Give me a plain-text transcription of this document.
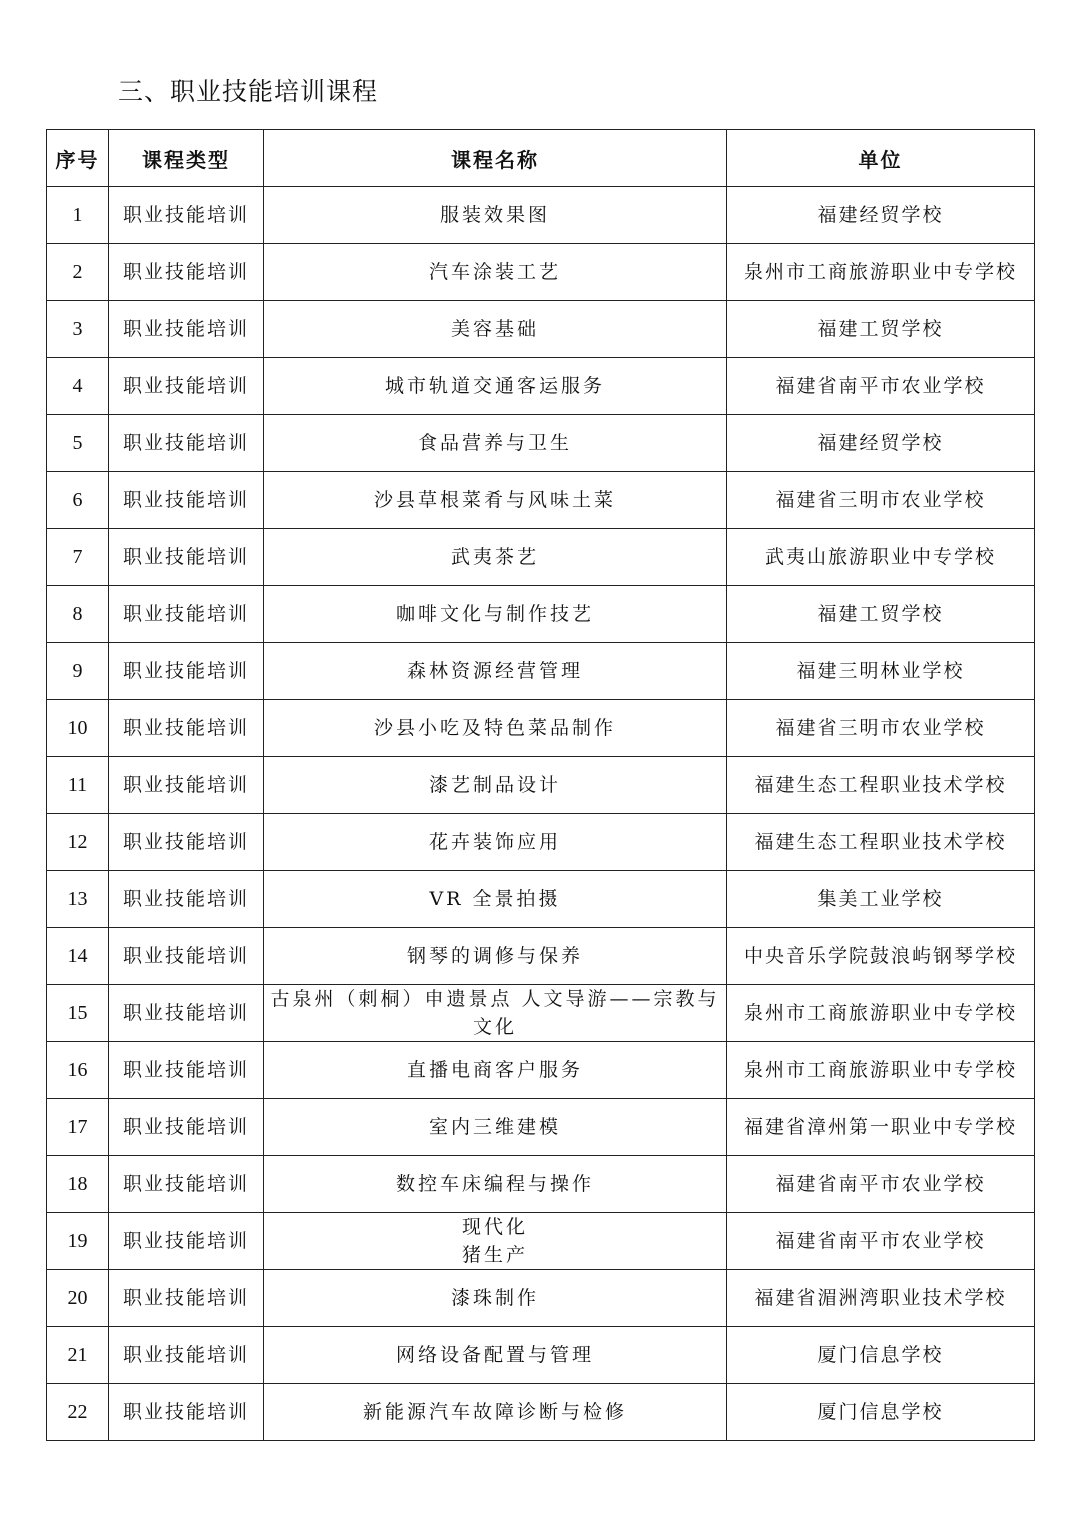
三、职业技能培训课程
序号	课程类型	课程名称	单位
1	职业技能培训	服装效果图	福建经贸学校
2	职业技能培训	汽车涂装工艺	泉州市工商旅游职业中专学校
3	职业技能培训	美容基础	福建工贸学校
4	职业技能培训	城市轨道交通客运服务	福建省南平市农业学校
5	职业技能培训	食品营养与卫生	福建经贸学校
6	职业技能培训	沙县草根菜肴与风味土菜	福建省三明市农业学校
7	职业技能培训	武夷茶艺	武夷山旅游职业中专学校
8	职业技能培训	咖啡文化与制作技艺	福建工贸学校
9	职业技能培训	森林资源经营管理	福建三明林业学校
10	职业技能培训	沙县小吃及特色菜品制作	福建省三明市农业学校
11	职业技能培训	漆艺制品设计	福建生态工程职业技术学校
12	职业技能培训	花卉装饰应用	福建生态工程职业技术学校
13	职业技能培训	VR 全景拍摄	集美工业学校
14	职业技能培训	钢琴的调修与保养	中央音乐学院鼓浪屿钢琴学校
15	职业技能培训	古泉州（刺桐）申遗景点 人文导游——宗教与
文化	泉州市工商旅游职业中专学校
16	职业技能培训	直播电商客户服务	泉州市工商旅游职业中专学校
17	职业技能培训	室内三维建模	福建省漳州第一职业中专学校
18	职业技能培训	数控车床编程与操作	福建省南平市农业学校
19	职业技能培训	现代化
猪生产	福建省南平市农业学校
20	职业技能培训	漆珠制作	福建省湄洲湾职业技术学校
21	职业技能培训	网络设备配置与管理	厦门信息学校
22	职业技能培训	新能源汽车故障诊断与检修	厦门信息学校
